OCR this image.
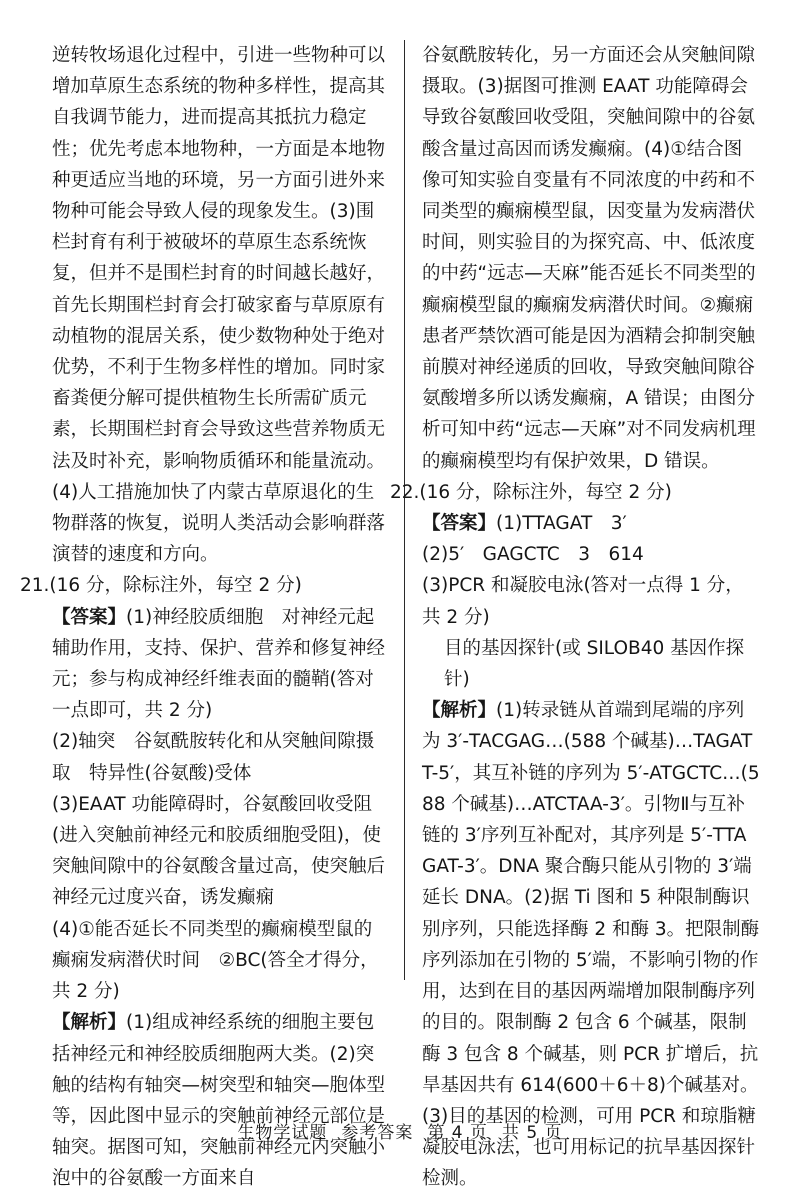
逆转牧场退化过程中，引进一些物种可以增加草原生态系统的物种多样性，提高其自我调节能力，进而提高其抵抗力稳定性；优先考虑本地物种，一方面是本地物种更适应当地的环境，另一方面引进外来物种可能会导致人侵的现象发生。(3)围栏封育有利于被破坏的草原生态系统恢复，但并不是围栏封育的时间越长越好，首先长期围栏封育会打破家畜与草原原有动植物的混居关系，使少数物种处于绝对优势，不利于生物多样性的增加。同时家畜粪便分解可提供植物生长所需矿质元素，长期围栏封育会导致这些营养物质无法及时补充，影响物质循环和能量流动。(4)人工措施加快了内蒙古草原退化的生物群落的恢复，说明人类活动会影响群落演替的速度和方向。
21.(16 分，除标注外，每空 2 分)
【答案】(1)神经胶质细胞　对神经元起辅助作用，支持、保护、营养和修复神经元；参与构成神经纤维表面的髓鞘(答对一点即可，共 2 分)
(2)轴突　谷氨酰胺转化和从突触间隙摄取　特异性(谷氨酸)受体
(3)EAAT 功能障碍时，谷氨酸回收受阻(进入突触前神经元和胶质细胞受阻)，使突触间隙中的谷氨酸含量过高，使突触后神经元过度兴奋，诱发癫痫
(4)①能否延长不同类型的癫痫模型鼠的癫痫发病潜伏时间　②BC(答全才得分，共 2 分)
【解析】(1)组成神经系统的细胞主要包括神经元和神经胶质细胞两大类。(2)突触的结构有轴突—树突型和轴突—胞体型等，因此图中显示的突触前神经元部位是轴突。据图可知，突触前神经元内突触小泡中的谷氨酸一方面来自
谷氨酰胺转化，另一方面还会从突触间隙摄取。(3)据图可推测 EAAT 功能障碍会导致谷氨酸回收受阻，突触间隙中的谷氨酸含量过高因而诱发癫痫。(4)①结合图像可知实验自变量有不同浓度的中药和不同类型的癫痫模型鼠，因变量为发病潜伏时间，则实验目的为探究高、中、低浓度的中药“远志—天麻”能否延长不同类型的癫痫模型鼠的癫痫发病潜伏时间。②癫痫患者严禁饮酒可能是因为酒精会抑制突触前膜对神经递质的回收，导致突触间隙谷氨酸增多所以诱发癫痫，A 错误；由图分析可知中药“远志—天麻”对不同发病机理的癫痫模型均有保护效果，D 错误。
22.(16 分，除标注外，每空 2 分)
【答案】(1)TTAGAT　3′
(2)5′　GAGCTC　3　614
(3)PCR 和凝胶电泳(答对一点得 1 分，共 2 分)
目的基因探针(或 SILOB40 基因作探针)
【解析】(1)转录链从首端到尾端的序列为 3′-TACGAG…(588 个碱基)…TAGATT-5′，其互补链的序列为 5′-ATGCTC…(588 个碱基)…ATCTAA-3′。引物Ⅱ与互补链的 3′序列互补配对，其序列是 5′-TTAGAT-3′。DNA 聚合酶只能从引物的 3′端延长 DNA。(2)据 Ti 图和 5 种限制酶识别序列，只能选择酶 2 和酶 3。把限制酶序列添加在引物的 5′端，不影响引物的作用，达到在目的基因两端增加限制酶序列的目的。限制酶 2 包含 6 个碱基，限制酶 3 包含 8 个碱基，则 PCR 扩增后，抗旱基因共有 614(600＋6＋8)个碱基对。(3)目的基因的检测，可用 PCR 和琼脂糖凝胶电泳法，也可用标记的抗旱基因探针检测。
生物学试题 参考答案 第 4 页 共 5 页
